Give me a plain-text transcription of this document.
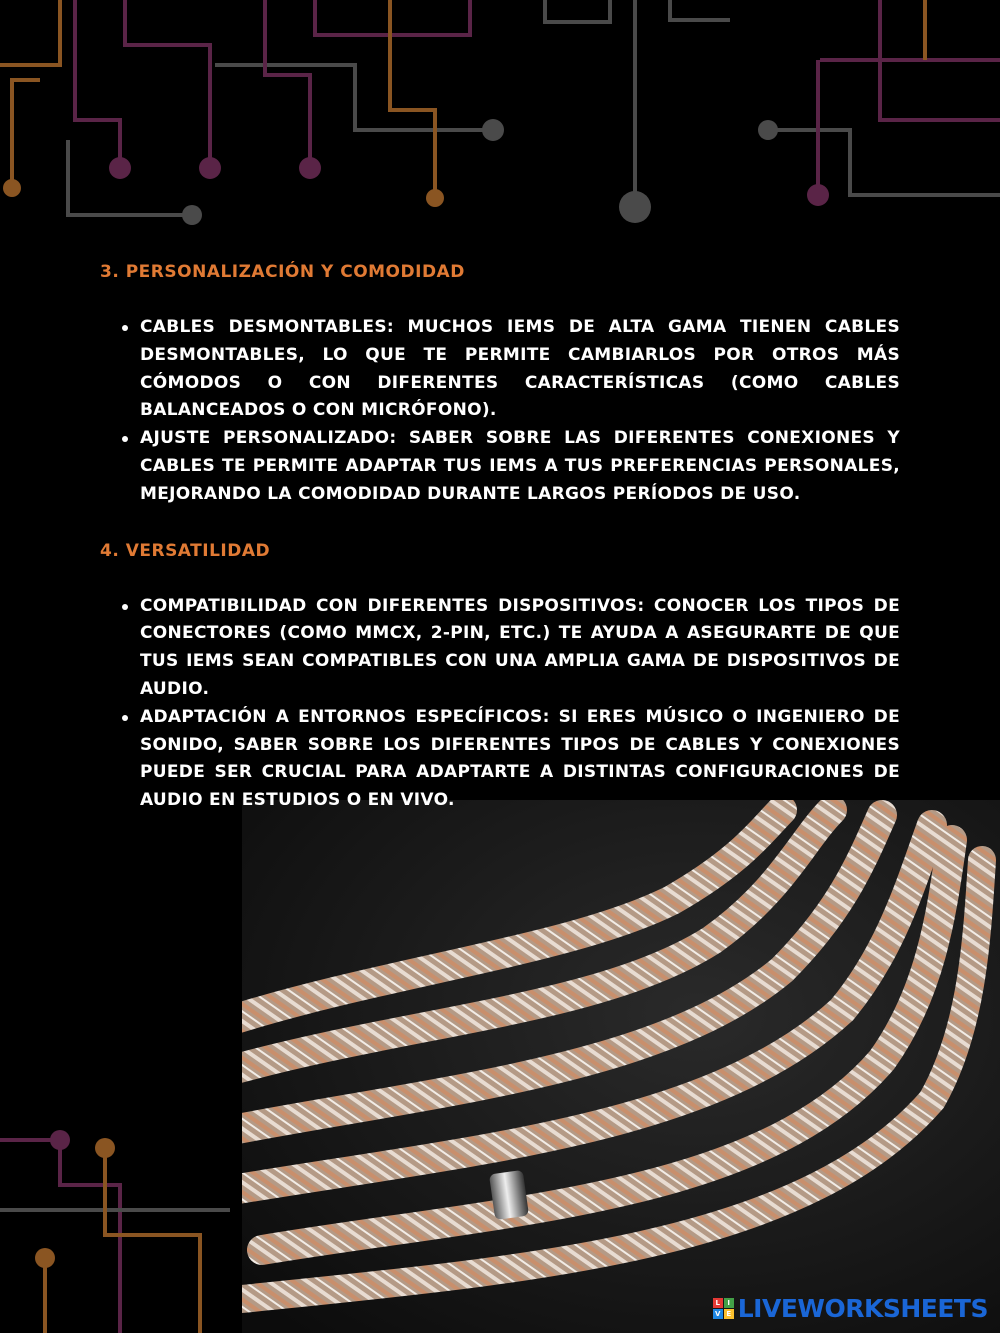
3. PERSONALIZACIÓN Y COMODIDAD
CABLES DESMONTABLES: MUCHOS IEMS DE ALTA GAMA TIENEN CABLES DESMONTABLES, LO QUE TE PERMITE CAMBIARLOS POR OTROS MÁS CÓMODOS O CON DIFERENTES CARACTERÍSTICAS (COMO CABLES BALANCEADOS O CON MICRÓFONO).
AJUSTE PERSONALIZADO: SABER SOBRE LAS DIFERENTES CONEXIONES Y CABLES TE PERMITE ADAPTAR TUS IEMS A TUS PREFERENCIAS PERSONALES, MEJORANDO LA COMODIDAD DURANTE LARGOS PERÍODOS DE USO.
4. VERSATILIDAD
COMPATIBILIDAD CON DIFERENTES DISPOSITIVOS: CONOCER LOS TIPOS DE CONECTORES (COMO MMCX, 2-PIN, ETC.) TE AYUDA A ASEGURARTE DE QUE TUS IEMS SEAN COMPATIBLES CON UNA AMPLIA GAMA DE DISPOSITIVOS DE AUDIO.
ADAPTACIÓN A ENTORNOS ESPECÍFICOS: SI ERES MÚSICO O INGENIERO DE SONIDO, SABER SOBRE LOS DIFERENTES TIPOS DE CABLES Y CONEXIONES PUEDE SER CRUCIAL PARA ADAPTARTE A DISTINTAS CONFIGURACIONES DE AUDIO EN ESTUDIOS O EN VIVO.
L	I
V E LIVEWORKSHEETS
